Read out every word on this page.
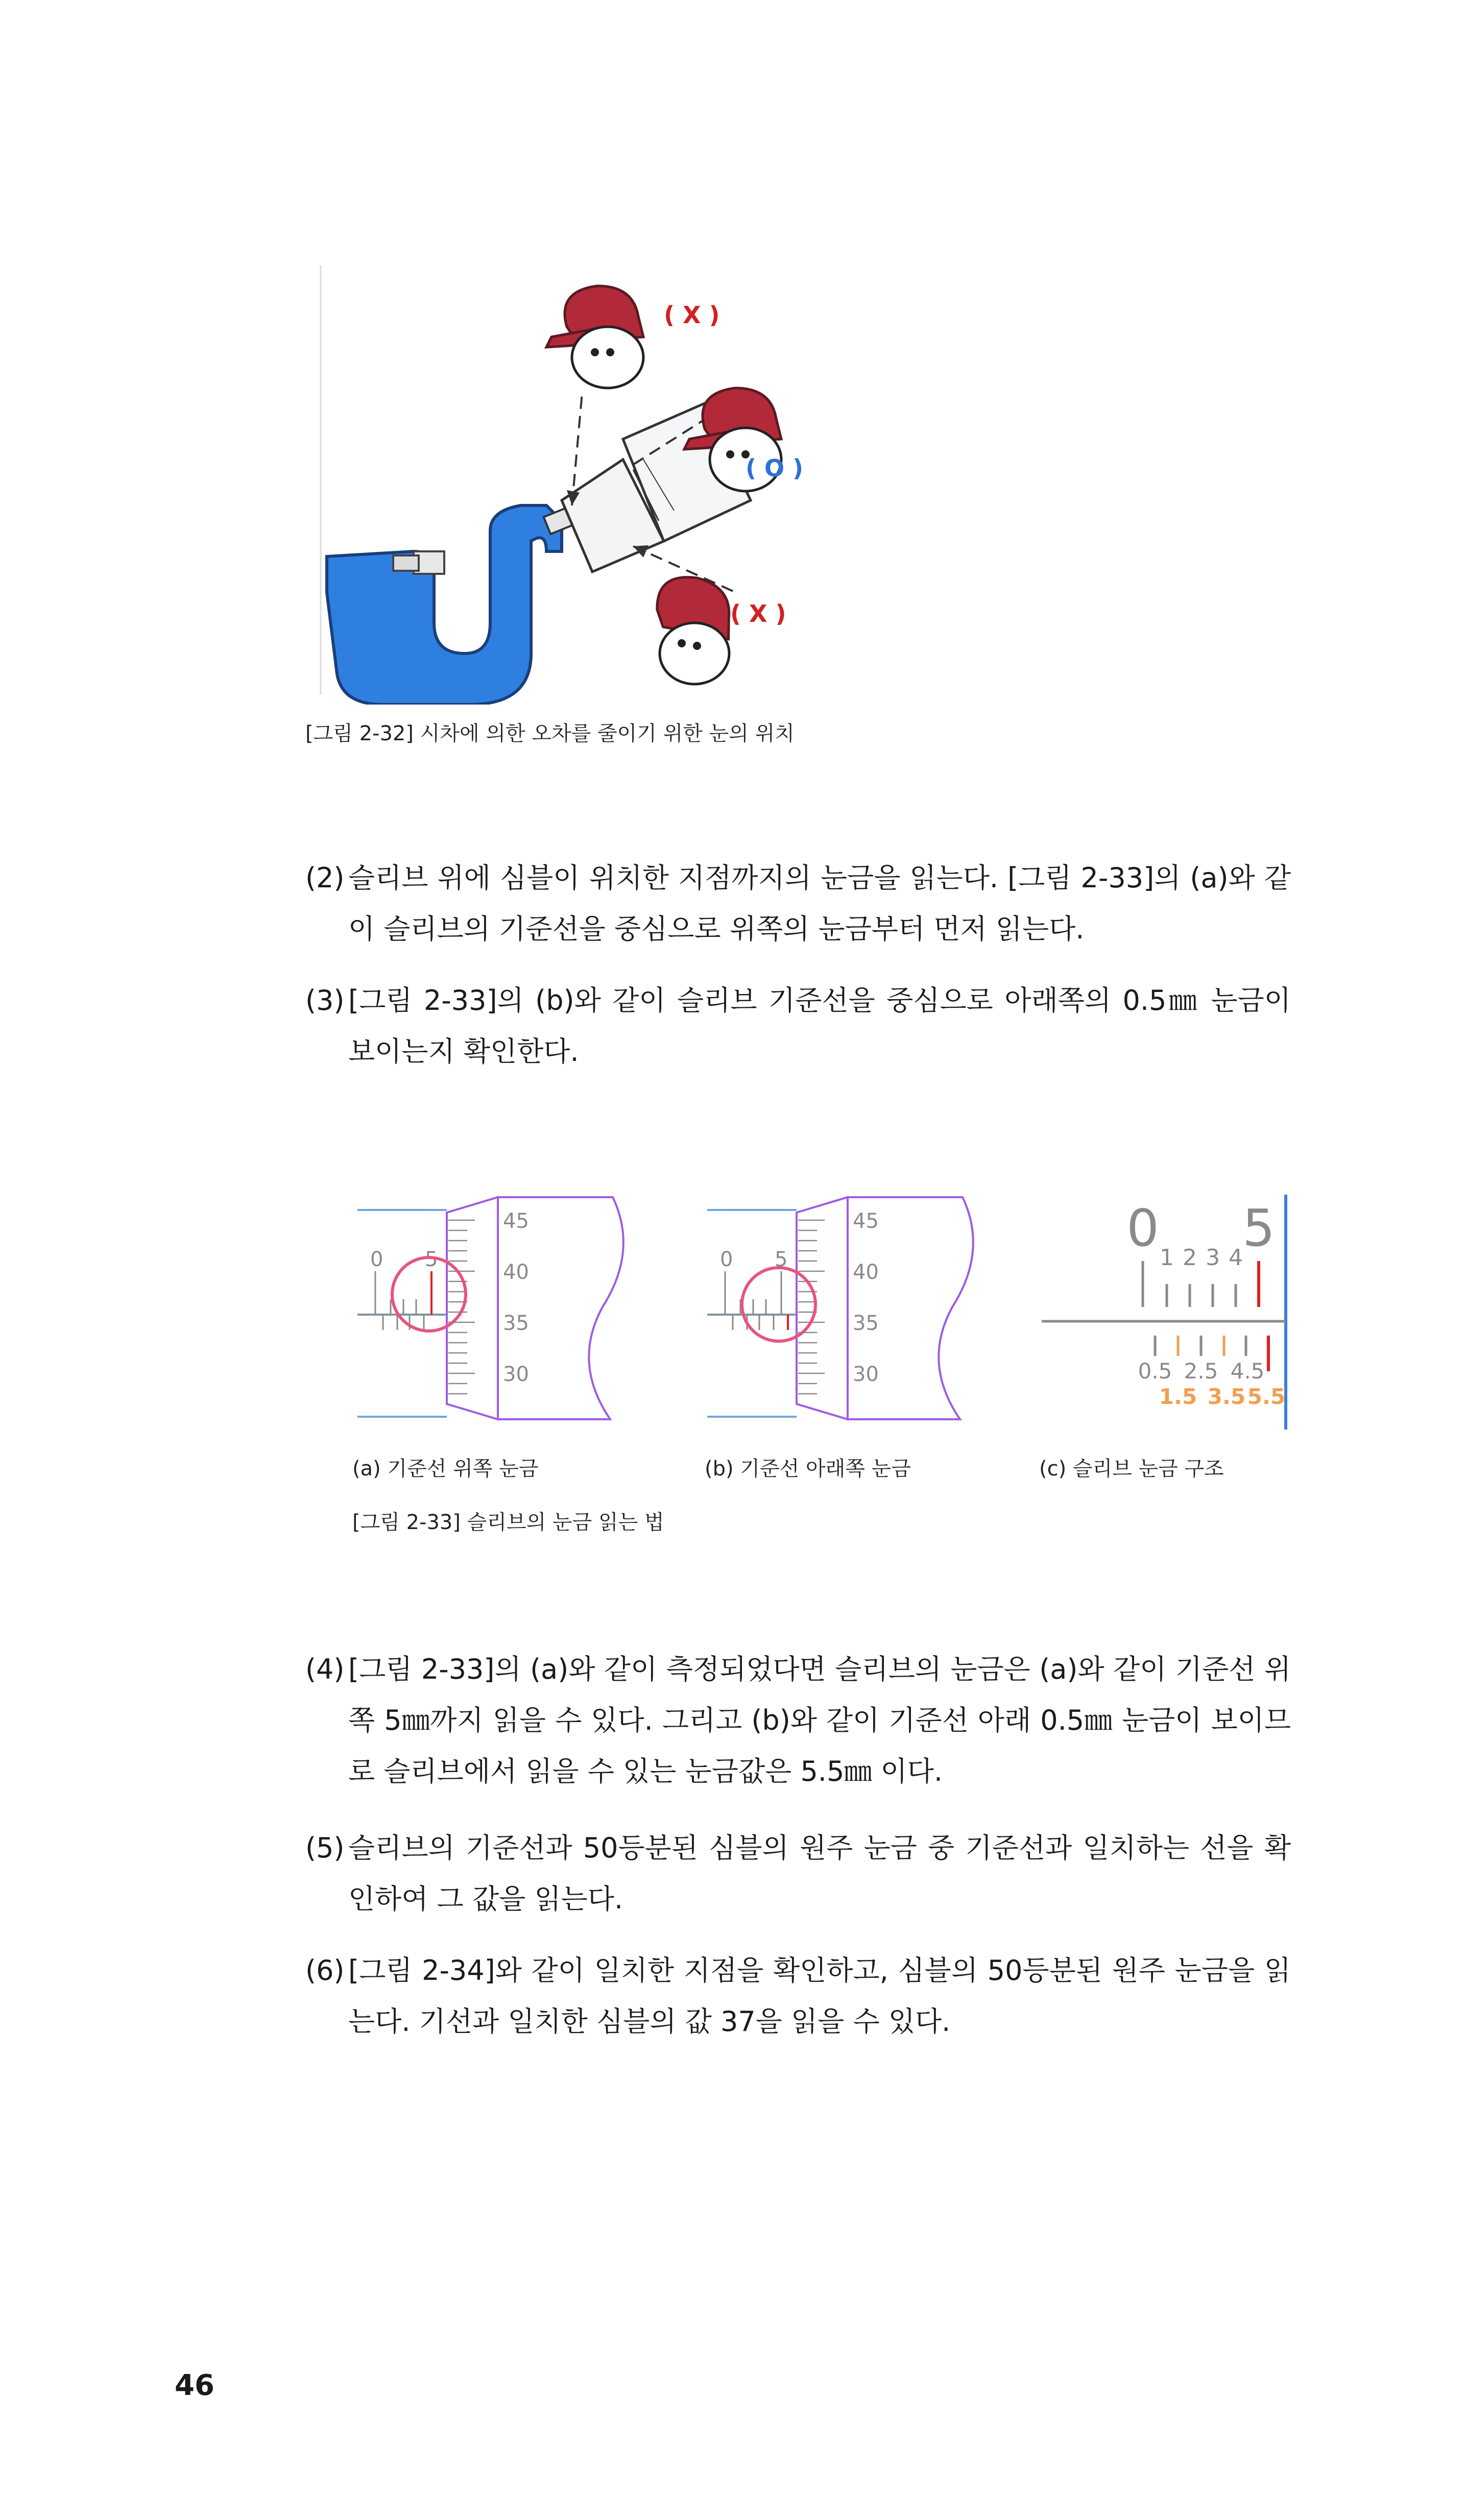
( X )
( O )
( X )
[그림 2-32] 시차에 의한 오차를 줄이기 위한 눈의 위치
(2) 슬리브 위에 심블이 위치한 지점까지의 눈금을 읽는다. [그림 2-33]의 (a)와 같이 슬리브의 기준선을 중심으로 위쪽의 눈금부터 먼저 읽는다.
(3) [그림 2-33]의 (b)와 같이 슬리브 기준선을 중심으로 아래쪽의 0.5㎜ 눈금이 보이는지 확인한다.
0 5
45
40
35
30
(a) 기준선 위쪽 눈금
0 5
45
40
35
30
(b) 기준선 아래쪽 눈금
0 5
1 2 3 4
0.5 2.5 4.5
1.5 3.5 5.5
(c) 슬리브 눈금 구조
[그림 2-33] 슬리브의 눈금 읽는 법
(4) [그림 2-33]의 (a)와 같이 측정되었다면 슬리브의 눈금은 (a)와 같이 기준선 위쪽 5㎜까지 읽을 수 있다. 그리고 (b)와 같이 기준선 아래 0.5㎜ 눈금이 보이므로 슬리브에서 읽을 수 있는 눈금값은 5.5㎜ 이다.
(5) 슬리브의 기준선과 50등분된 심블의 원주 눈금 중 기준선과 일치하는 선을 확인하여 그 값을 읽는다.
(6) [그림 2-34]와 같이 일치한 지점을 확인하고, 심블의 50등분된 원주 눈금을 읽는다. 기선과 일치한 심블의 값 37을 읽을 수 있다.
46
